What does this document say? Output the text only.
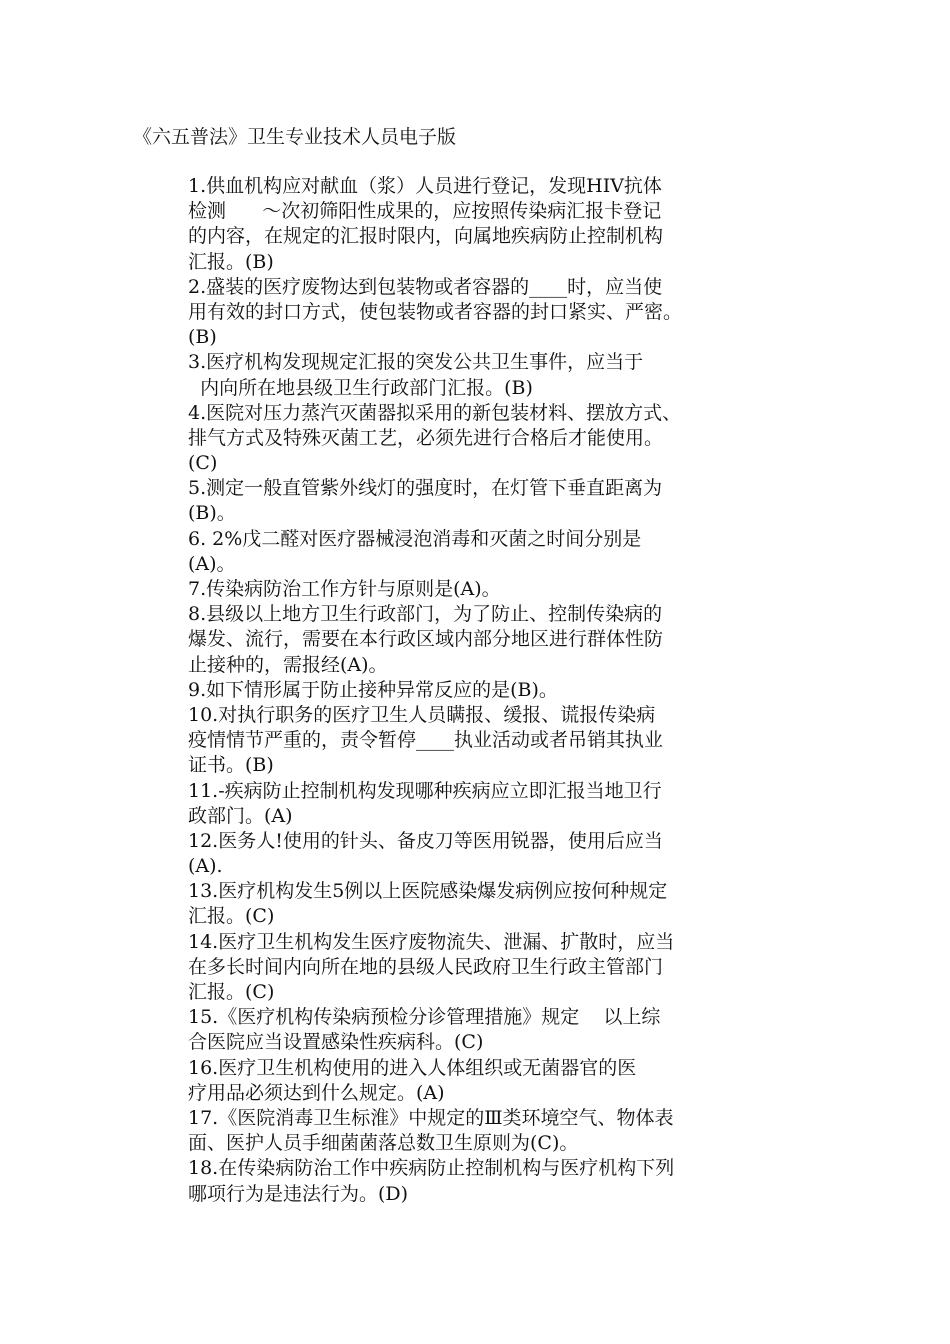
《六五普法》卫生专业技术人员电子版
1.供血机构应对献血（浆）人员进行登记，发现HIV抗体
检测      ～次初筛阳性成果的，应按照传染病汇报卡登记
的内容，在规定的汇报时限内，向属地疾病防止控制机构
汇报。(B)
2.盛装的医疗废物达到包装物或者容器的____时，应当使
用有效的封口方式，使包装物或者容器的封口紧实、严密。
(B)
3.医疗机构发现规定汇报的突发公共卫生事件，应当于
内向所在地县级卫生行政部门汇报。(B)
4.医院对压力蒸汽灭菌器拟采用的新包装材料、摆放方式、
排气方式及特殊灭菌工艺，必须先进行合格后才能使用。
(C)
5.测定一般直管紫外线灯的强度时，在灯管下垂直距离为
(B)。
6. 2%戊二醛对医疗器械浸泡消毒和灭菌之时间分别是
(A)。
7.传染病防治工作方针与原则是(A)。
8.县级以上地方卫生行政部门，为了防止、控制传染病的
爆发、流行，需要在本行政区域内部分地区进行群体性防
止接种的，需报经(A)。
9.如下情形属于防止接种异常反应的是(B)。
10.对执行职务的医疗卫生人员瞒报、缓报、谎报传染病
疫情情节严重的，责令暂停____执业活动或者吊销其执业
证书。(B)
11.-疾病防止控制机构发现哪种疾病应立即汇报当地卫行
政部门。(A)
12.医务人!使用的针头、备皮刀等医用锐器，使用后应当
(A).
13.医疗机构发生5例以上医院感染爆发病例应按何种规定
汇报。(C)
14.医疗卫生机构发生医疗废物流失、泄漏、扩散时，应当
在多长时间内向所在地的县级人民政府卫生行政主管部门
汇报。(C)
15.《医疗机构传染病预检分诊管理措施》规定    以上综
合医院应当设置感染性疾病科。(C)
16.医疗卫生机构使用的进入人体组织或无菌器官的医
疗用品必须达到什么规定。(A)
17.《医院消毒卫生标淮》中规定的Ⅲ类环境空气、物体表
面、医护人员手细菌菌落总数卫生原则为(C)。
18.在传染病防治工作中疾病防止控制机构与医疗机构下列
哪项行为是违法行为。(D)
